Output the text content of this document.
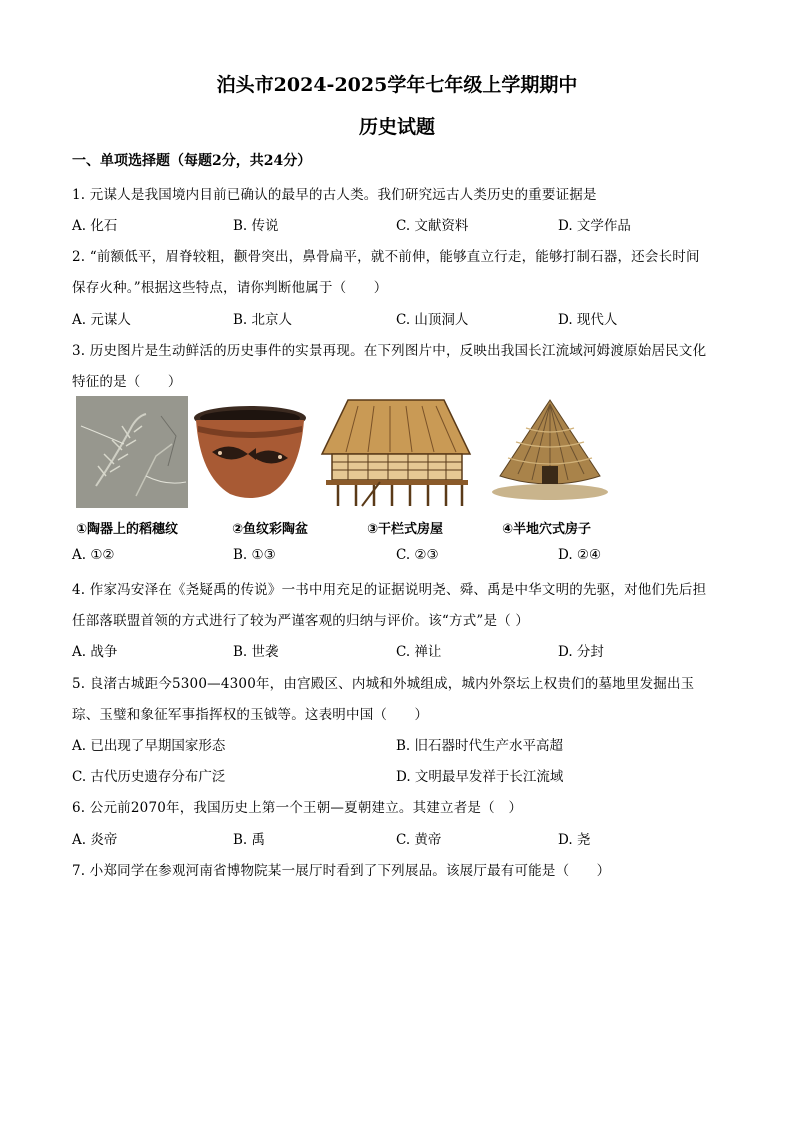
泊头市2024-2025学年七年级上学期期中
历史试题
一、单项选择题（每题2分，共24分）
1. 元谋人是我国境内目前已确认的最早的古人类。我们研究远古人类历史的重要证据是
A. 化石	B. 传说	C. 文献资料	D. 文学作品
2. “前额低平，眉脊较粗，颧骨突出，鼻骨扁平，就不前伸，能够直立行走，能够打制石器，还会长时间
保存火种。”根据这些特点，请你判断他属于（　　）
A. 元谋人	B. 北京人	C. 山顶洞人	D. 现代人
3. 历史图片是生动鲜活的历史事件的实景再现。在下列图片中，反映出我国长江流域河姆渡原始居民文化
特征的是（　　）
①陶器上的稻穗纹	②鱼纹彩陶盆	③干栏式房屋	④半地穴式房子
A. ①②	B. ①③	C. ②③	D. ②④
4. 作家冯安泽在《尧疑禹的传说》一书中用充足的证据说明尧、舜、禹是中华文明的先驱，对他们先后担
任部落联盟首领的方式进行了较为严谨客观的归纳与评价。该“方式”是（ ）
A. 战争	B. 世袭	C. 禅让	D. 分封
5. 良渚古城距今5300—4300年，由宫殿区、内城和外城组成，城内外祭坛上权贵们的墓地里发掘出玉
琮、玉璧和象征军事指挥权的玉钺等。这表明中国（　　）
A. 已出现了早期国家形态	B. 旧石器时代生产水平高超
C. 古代历史遗存分布广泛	D. 文明最早发祥于长江流域
6. 公元前2070年，我国历史上第一个王朝—夏朝建立。其建立者是（　）
A. 炎帝	B. 禹	C. 黄帝	D. 尧
7. 小郑同学在参观河南省博物院某一展厅时看到了下列展品。该展厅最有可能是（　　）
